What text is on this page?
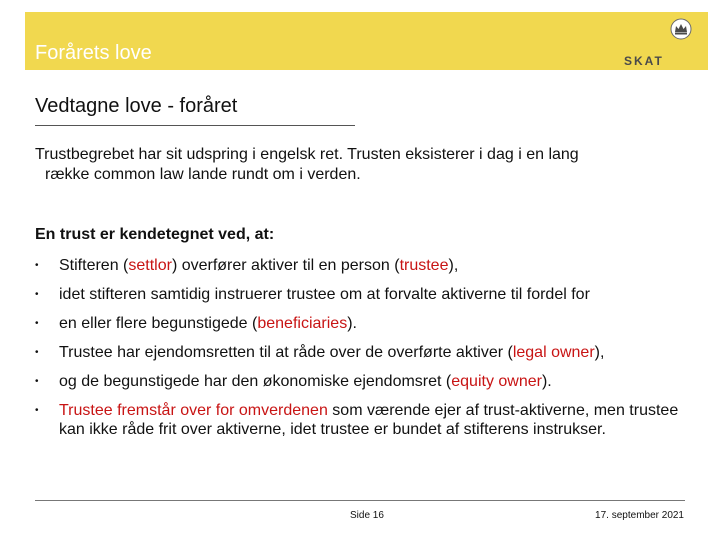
Forårets love	SKAT
Vedtagne love - foråret
Trustbegrebet har sit udspring i engelsk ret. Trusten eksisterer i dag i en lang
række common law lande rundt om i verden.
En trust er kendetegnet ved, at:
• Stifteren (settlor) overfører aktiver til en person (trustee),
• idet stifteren samtidig instruerer trustee om at forvalte aktiverne til fordel for
• en eller flere begunstigede (beneficiaries).
• Trustee har ejendomsretten til at råde over de overførte aktiver (legal owner),
• og de begunstigede har den økonomiske ejendomsret (equity owner).
• Trustee fremstår over for omverdenen som værende ejer af trust-aktiverne, men trustee kan ikke råde frit over aktiverne, idet trustee er bundet af stifterens instrukser.
Side 16	17. september 2021
